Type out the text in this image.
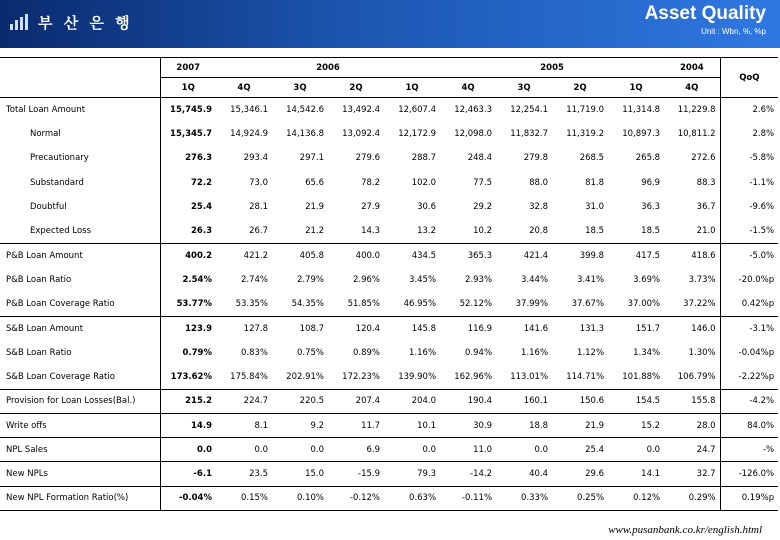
부 산 은 행	Asset Quality
Unit : Wbn, %, %p
	2007	2006				2005				2004	QoQ
	1Q	4Q	3Q	2Q	1Q	4Q	3Q	2Q	1Q	4Q	
Total Loan Amount	15,745.9	15,346.1	14,542.6	13,492.4	12,607.4	12,463.3	12,254.1	11,719.0	11,314.8	11,229.8	2.6%
Normal	15,345.7	14,924.9	14,136.8	13,092.4	12,172.9	12,098.0	11,832.7	11,319.2	10,897.3	10,811.2	2.8%
Precautionary	276.3	293.4	297.1	279.6	288.7	248.4	279.8	268.5	265.8	272.6	-5.8%
Substandard	72.2	73.0	65.6	78.2	102.0	77.5	88.0	81.8	96.9	88.3	-1.1%
Doubtful	25.4	28.1	21.9	27.9	30.6	29.2	32.8	31.0	36.3	36.7	-9.6%
Expected Loss	26.3	26.7	21.2	14.3	13.2	10.2	20.8	18.5	18.5	21.0	-1.5%
P&B Loan Amount	400.2	421.2	405.8	400.0	434.5	365.3	421.4	399.8	417.5	418.6	-5.0%
P&B Loan Ratio	2.54%	2.74%	2.79%	2.96%	3.45%	2.93%	3.44%	3.41%	3.69%	3.73%	-20.0%p
P&B Loan Coverage Ratio	53.77%	53.35%	54.35%	51.85%	46.95%	52.12%	37.99%	37.67%	37.00%	37.22%	0.42%p
S&B Loan Amount	123.9	127.8	108.7	120.4	145.8	116.9	141.6	131.3	151.7	146.0	-3.1%
S&B Loan Ratio	0.79%	0.83%	0.75%	0.89%	1.16%	0.94%	1.16%	1.12%	1.34%	1.30%	-0.04%p
S&B Loan Coverage Ratio	173.62%	175.84%	202.91%	172.23%	139.90%	162.96%	113.01%	114.71%	101.88%	106.79%	-2.22%p
Provision for Loan Losses(Bal.)	215.2	224.7	220.5	207.4	204.0	190.4	160.1	150.6	154.5	155.8	-4.2%
Write offs	14.9	8.1	9.2	11.7	10.1	30.9	18.8	21.9	15.2	28.0	84.0%
NPL Sales	0.0	0.0	0.0	6.9	0.0	11.0	0.0	25.4	0.0	24.7	-%
New NPLs	-6.1	23.5	15.0	-15.9	79.3	-14.2	40.4	29.6	14.1	32.7	-126.0%
New NPL Formation Ratio(%)	-0.04%	0.15%	0.10%	-0.12%	0.63%	-0.11%	0.33%	0.25%	0.12%	0.29%	0.19%p
www.pusanbank.co.kr/english.html
